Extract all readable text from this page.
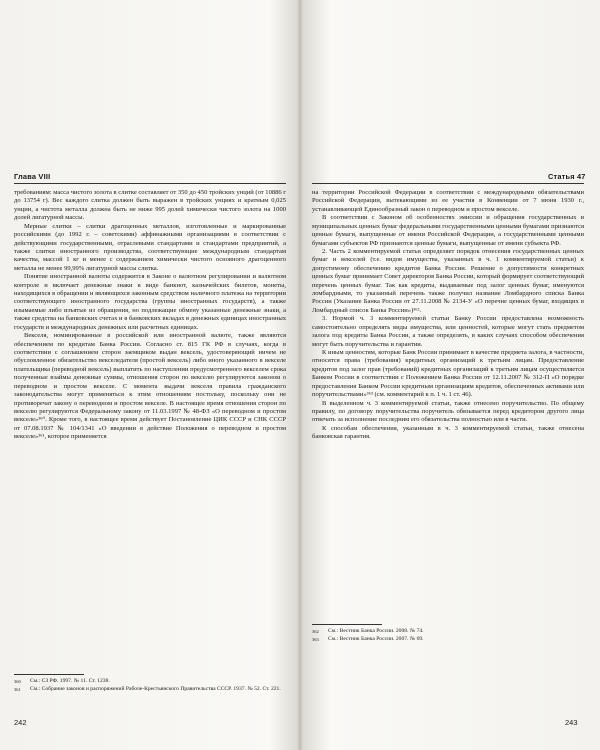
Глава VIII

требованиям: масса чистого золота в слитке составляет от 350 до 450 тройских унций (от 10886 г до 13754 г). Вес каждого слитка должен быть выражен в тройских унциях и кратным 0,025 унции, а чистота металла должна быть не ниже 995 долей химически чистого золота на 1000 долей лигатурной массы.

Мерные слитки – слитки драгоценных металлов, изготовленные и маркированные российскими (до 1992 г. – советскими) аффинажными организациями в соответствии с действующими государственными, отраслевыми стандартами и стандартами предприятий, а также слитки иностранного производства, соответствующие международным стандартам качества, массой 1 кг и менее с содержанием химически чистого основного драгоценного металла не менее 99,99% лигатурной массы слитка.

Понятие иностранной валюты содержится в Законе о валютном регулировании и валютном контроле и включает денежные знаки в виде банкнот, казначейских билетов, монеты, находящихся в обращении и являющихся законным средством наличного платежа на территории соответствующего иностранного государства (группы иностранных государств), а также изымаемые либо изъятые из обращения, но подлежащие обмену указанные денежные знаки, а также средства на банковских счетах и в банковских вкладах в денежных единицах иностранных государств и международных денежных или расчетных единицах.

Векселя, номинированные в российской или иностранной валюте, также являются обеспечением по кредитам Банка России. Согласно ст. 815 ГК РФ в случаях, когда в соответствии с соглашением сторон заемщиком выдан вексель, удостоверяющий ничем не обусловленное обязательство векселедателя (простой вексель) либо иного указанного в векселе плательщика (переводной вексель) выплатить по наступлении предусмотренного векселем срока полученные взаймы денежные суммы, отношения сторон по векселю регулируются законом о переводном и простом векселе. С момента выдачи векселя правила гражданского законодательства могут применяться к этим отношениям постольку, поскольку они не противоречат закону о переводном и простом векселе. В настоящее время отношения сторон по векселю регулируются Федеральному закону от 11.03.1997 № 48-ФЗ «О переводном и простом векселе»³⁶⁰. Кроме того, в настоящее время действует Постановление ЦИК СССР и СНК СССР от 07.08.1937 № 104/1341 «О введении в действие Положения о переводном и простом векселе»³⁶¹, которое применяется

360	См.: СЗ РФ. 1997. № 11. Ст. 1238.
361	См.: Собрание законов и распоряжений Рабоче-Крестьянского Правительства СССР. 1937. № 52. Ст. 221.
242
Статья 47

на территории Российской Федерации в соответствии с международными обязательствами Российской Федерации, вытекающими из ее участия в Конвенции от 7 июня 1930 г., устанавливающей Единообразный закон о переводном и простом векселе.

В соответствии с Законом об особенностях эмиссии и обращения государственных и муниципальных ценных бумаг федеральными государственными ценными бумагами признаются ценные бумаги, выпущенные от имени Российской Федерации, а государственными ценными бумагами субъектов РФ признаются ценные бумаги, выпущенные от имени субъекта РФ.

2. Часть 2 комментируемой статьи определяет порядок отнесения государственных ценных бумаг и векселей (т.е. видов имущества, указанных в ч. 1 комментируемой статьи) к допустимому обеспечению кредитов Банка России. Решение о допустимости конкретных ценных бумаг принимает Совет директоров Банка России, который формирует соответствующий перечень ценных бумаг. Так как кредиты, выдаваемые под залог ценных бумаг, именуются ломбардными, то указанный перечень также получил название Ломбардного списка Банка России (Указание Банка России от 27.11.2008 № 2134-У «О перечне ценных бумаг, входящих в Ломбардный список Банка России»)³⁶².

3. Нормой ч. 3 комментируемой статьи Банку России предоставлена возможность самостоятельно определять виды имущества, или ценностей, которые могут стать предметом залога под кредиты Банка России, а также определять, в каких случаях способом обеспечения могут быть поручительства и гарантии.

К иным ценностям, которые Банк России принимает в качестве предмета залога, в частности, относятся права (требования) кредитных организаций к третьим лицам. Предоставление кредитов под залог прав (требований) кредитных организаций к третьим лицам осуществляется Банком России в соответствии с Положением Банка России от 12.11.2007 № 312-П «О порядке предоставления Банком России кредитным организациям кредитов, обеспеченных активами или поручительствами»³⁶³ (см. комментарий к п. 1 ч. 1 ст. 46).

В выделенном ч. 3 комментируемой статьи, также отнесено поручительство. По общему правилу, по договору поручительства поручитель обязывается перед кредитором другого лица отвечать за исполнение последним его обязательства полностью или в части.

К способам обеспечения, указанным в ч. 3 комментируемой статьи, также отнесена банковская гарантия.

362	См.: Вестник Банка России. 2008. № 74.
363	См.: Вестник Банка России. 2007. № 69.
243
